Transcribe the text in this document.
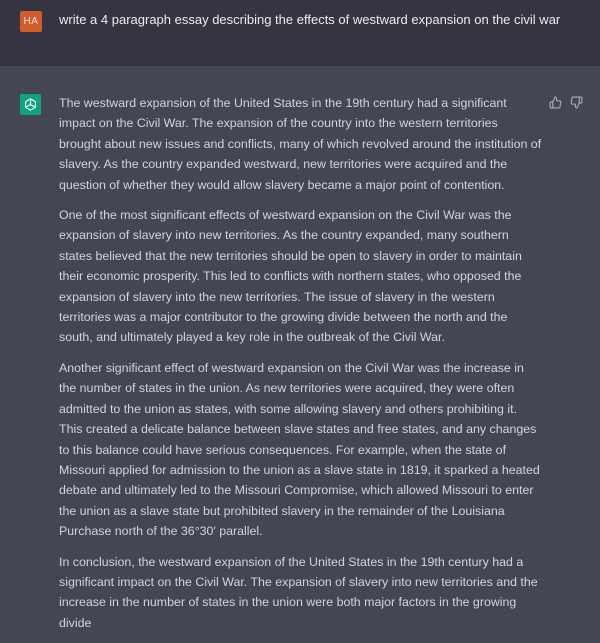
HA write a 4 paragraph essay describing the effects of westward expansion on the civil war

The westward expansion of the United States in the 19th century had a significant impact on the Civil War. The expansion of the country into the western territories brought about new issues and conflicts, many of which revolved around the institution of slavery. As the country expanded westward, new territories were acquired and the question of whether they would allow slavery became a major point of contention.

One of the most significant effects of westward expansion on the Civil War was the expansion of slavery into new territories. As the country expanded, many southern states believed that the new territories should be open to slavery in order to maintain their economic prosperity. This led to conflicts with northern states, who opposed the expansion of slavery into the new territories. The issue of slavery in the western territories was a major contributor to the growing divide between the north and the south, and ultimately played a key role in the outbreak of the Civil War.

Another significant effect of westward expansion on the Civil War was the increase in the number of states in the union. As new territories were acquired, they were often admitted to the union as states, with some allowing slavery and others prohibiting it. This created a delicate balance between slave states and free states, and any changes to this balance could have serious consequences. For example, when the state of Missouri applied for admission to the union as a slave state in 1819, it sparked a heated debate and ultimately led to the Missouri Compromise, which allowed Missouri to enter the union as a slave state but prohibited slavery in the remainder of the Louisiana Purchase north of the 36°30′ parallel.

In conclusion, the westward expansion of the United States in the 19th century had a significant impact on the Civil War. The expansion of slavery into new territories and the increase in the number of states in the union were both major factors in the growing divide
